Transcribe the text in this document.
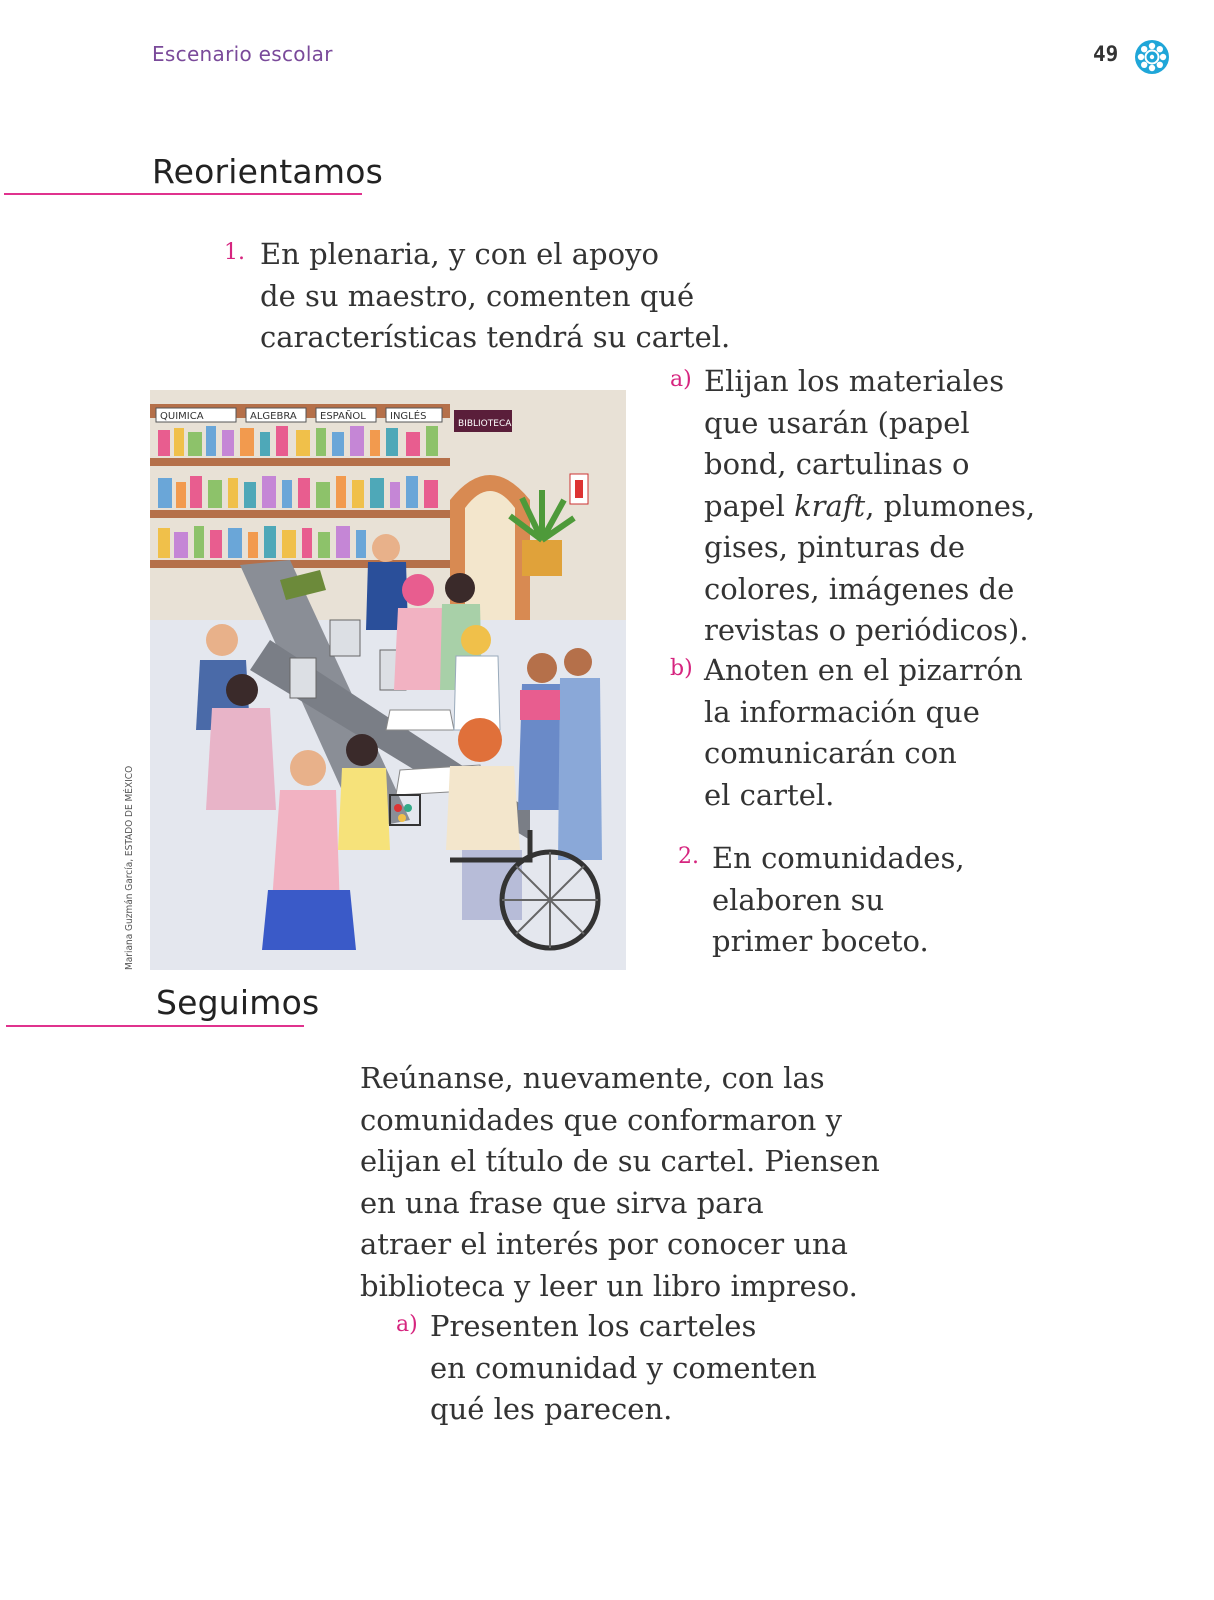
Escenario escolar	49
Reorientamos
1. En plenaria, y con el apoyo
de su maestro, comenten qué
características tendrá su cartel.
a) Elijan los materiales
que usarán (papel
bond, cartulinas o
papel kraft, plumones,
gises, pinturas de
colores, imágenes de
revistas o periódicos).
b) Anoten en el pizarrón
la información que
comunicarán con
el cartel.
2. En comunidades,
elaboren su
primer boceto.
QUIMICA	ALGEBRA ESPAÑOL INGLÉS
BIBLIOTECA
Mariana Guzmán García, ESTADO DE MÉXICO
Seguimos
Reúnanse, nuevamente, con las
comunidades que conformaron y
elijan el título de su cartel. Piensen
en una frase que sirva para
atraer el interés por conocer una
biblioteca y leer un libro impreso.
a) Presenten los carteles
en comunidad y comenten
qué les parecen.
